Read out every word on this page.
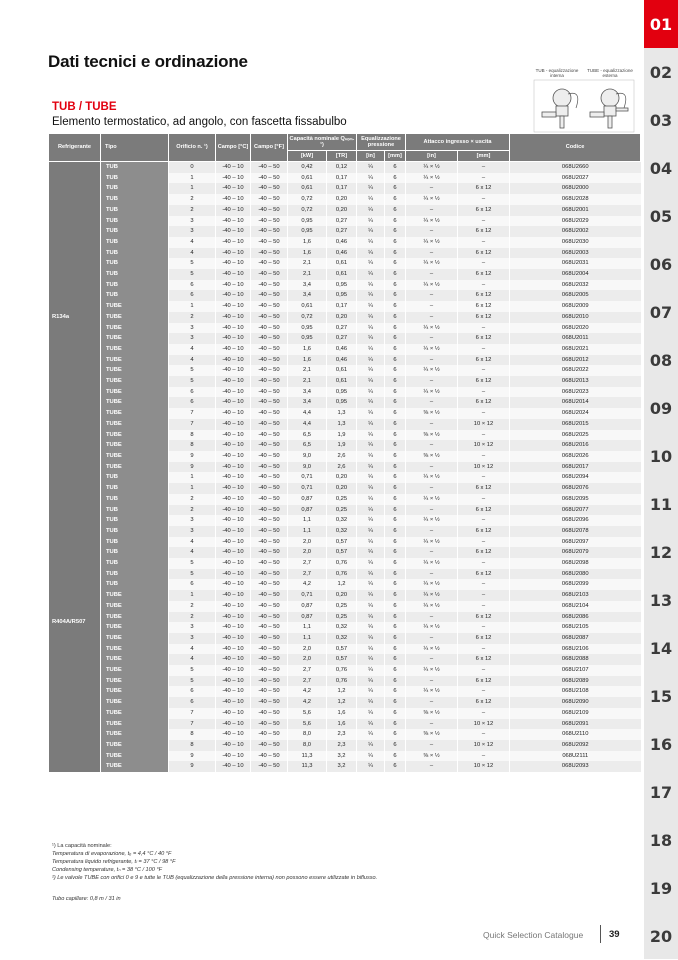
01
02
03
04
05
06
07
08
09
10
11
12
13
14
15
16
17
18
19
20
Dati tecnici e ordinazione
TUB / TUBE
Elemento termostatico, ad angolo, con fascetta fissabulbo
TUB - equalizzazione interna
TUBE - equalizzazione esterna
Refrigerante	Tipo	Orificio n. ¹)	Campo [°C]	Campo [°F]	Capacità nominale Qₙₒₘ. ¹)		Equalizzazione pressione		Attacco ingresso × uscita		Codice
					[kW]	[TR]	[in]	[mm]	[in]	[mm]	
R134a	TUB	0	-40 – 10	-40 – 50	0,42	0,12	¼	6	¼ × ½	–	068U2660
	TUB	1	-40 – 10	-40 – 50	0,61	0,17	¼	6	¼ × ½	–	068U2027
	TUB	1	-40 – 10	-40 – 50	0,61	0,17	¼	6	–	6 x 12	068U2000
	TUB	2	-40 – 10	-40 – 50	0,72	0,20	¼	6	¼ × ½	–	068U2028
	TUB	2	-40 – 10	-40 – 50	0,72	0,20	¼	6	–	6 x 12	068U2001
	TUB	3	-40 – 10	-40 – 50	0,95	0,27	¼	6	¼ × ½	–	068U2029
	TUB	3	-40 – 10	-40 – 50	0,95	0,27	¼	6	–	6 x 12	068U2002
	TUB	4	-40 – 10	-40 – 50	1,6	0,46	¼	6	¼ × ½	–	068U2030
	TUB	4	-40 – 10	-40 – 50	1,6	0,46	¼	6	–	6 x 12	068U2003
	TUB	5	-40 – 10	-40 – 50	2,1	0,61	¼	6	¼ × ½	–	068U2031
	TUB	5	-40 – 10	-40 – 50	2,1	0,61	¼	6	–	6 x 12	068U2004
	TUB	6	-40 – 10	-40 – 50	3,4	0,95	¼	6	¼ × ½	–	068U2032
	TUB	6	-40 – 10	-40 – 50	3,4	0,95	¼	6	–	6 x 12	068U2005
	TUBE	1	-40 – 10	-40 – 50	0,61	0,17	¼	6	–	6 x 12	068U2009
	TUBE	2	-40 – 10	-40 – 50	0,72	0,20	¼	6	–	6 x 12	068U2010
	TUBE	3	-40 – 10	-40 – 50	0,95	0,27	¼	6	¼ × ½	–	068U2020
	TUBE	3	-40 – 10	-40 – 50	0,95	0,27	¼	6	–	6 x 12	068U2011
	TUBE	4	-40 – 10	-40 – 50	1,6	0,46	¼	6	¼ × ½	–	068U2021
	TUBE	4	-40 – 10	-40 – 50	1,6	0,46	¼	6	–	6 x 12	068U2012
	TUBE	5	-40 – 10	-40 – 50	2,1	0,61	¼	6	¼ × ½	–	068U2022
	TUBE	5	-40 – 10	-40 – 50	2,1	0,61	¼	6	–	6 x 12	068U2013
	TUBE	6	-40 – 10	-40 – 50	3,4	0,95	¼	6	¼ × ½	–	068U2023
	TUBE	6	-40 – 10	-40 – 50	3,4	0,95	¼	6	–	6 x 12	068U2014
	TUBE	7	-40 – 10	-40 – 50	4,4	1,3	¼	6	⅜ × ½	–	068U2024
	TUBE	7	-40 – 10	-40 – 50	4,4	1,3	¼	6	–	10 × 12	068U2015
	TUBE	8	-40 – 10	-40 – 50	6,5	1,9	¼	6	⅜ × ½	–	068U2025
	TUBE	8	-40 – 10	-40 – 50	6,5	1,9	¼	6	–	10 × 12	068U2016
	TUBE	9	-40 – 10	-40 – 50	9,0	2,6	¼	6	⅜ × ½	–	068U2026
	TUBE	9	-40 – 10	-40 – 50	9,0	2,6	¼	6	–	10 × 12	068U2017
R404A/R507	TUB	1	-40 – 10	-40 – 50	0,71	0,20	¼	6	¼ × ½	–	068U2094
	TUB	1	-40 – 10	-40 – 50	0,71	0,20	¼	6	–	6 x 12	068U2076
	TUB	2	-40 – 10	-40 – 50	0,87	0,25	¼	6	¼ × ½	–	068U2095
	TUB	2	-40 – 10	-40 – 50	0,87	0,25	¼	6	–	6 x 12	068U2077
	TUB	3	-40 – 10	-40 – 50	1,1	0,32	¼	6	¼ × ½	–	068U2096
	TUB	3	-40 – 10	-40 – 50	1,1	0,32	¼	6	–	6 x 12	068U2078
	TUB	4	-40 – 10	-40 – 50	2,0	0,57	¼	6	¼ × ½	–	068U2097
	TUB	4	-40 – 10	-40 – 50	2,0	0,57	¼	6	–	6 x 12	068U2079
	TUB	5	-40 – 10	-40 – 50	2,7	0,76	¼	6	¼ × ½	–	068U2098
	TUB	5	-40 – 10	-40 – 50	2,7	0,76	¼	6	–	6 x 12	068U2080
	TUB	6	-40 – 10	-40 – 50	4,2	1,2	¼	6	¼ × ½	–	068U2099
	TUBE	1	-40 – 10	-40 – 50	0,71	0,20	¼	6	¼ × ½	–	068U2103
	TUBE	2	-40 – 10	-40 – 50	0,87	0,25	¼	6	¼ × ½	–	068U2104
	TUBE	2	-40 – 10	-40 – 50	0,87	0,25	¼	6	–	6 x 12	068U2086
	TUBE	3	-40 – 10	-40 – 50	1,1	0,32	¼	6	¼ × ½	–	068U2105
	TUBE	3	-40 – 10	-40 – 50	1,1	0,32	¼	6	–	6 x 12	068U2087
	TUBE	4	-40 – 10	-40 – 50	2,0	0,57	¼	6	¼ × ½	–	068U2106
	TUBE	4	-40 – 10	-40 – 50	2,0	0,57	¼	6	–	6 x 12	068U2088
	TUBE	5	-40 – 10	-40 – 50	2,7	0,76	¼	6	¼ × ½	–	068U2107
	TUBE	5	-40 – 10	-40 – 50	2,7	0,76	¼	6	–	6 x 12	068U2089
	TUBE	6	-40 – 10	-40 – 50	4,2	1,2	¼	6	¼ × ½	–	068U2108
	TUBE	6	-40 – 10	-40 – 50	4,2	1,2	¼	6	–	6 x 12	068U2090
	TUBE	7	-40 – 10	-40 – 50	5,6	1,6	¼	6	⅜ × ½	–	068U2109
	TUBE	7	-40 – 10	-40 – 50	5,6	1,6	¼	6	–	10 × 12	068U2091
	TUBE	8	-40 – 10	-40 – 50	8,0	2,3	¼	6	⅜ × ½	–	068U2110
	TUBE	8	-40 – 10	-40 – 50	8,0	2,3	¼	6	–	10 × 12	068U2092
	TUBE	9	-40 – 10	-40 – 50	11,3	3,2	¼	6	⅜ × ½	–	068U2111
	TUBE	9	-40 – 10	-40 – 50	11,3	3,2	¼	6	–	10 × 12	068U2093
¹) La capacità nominale:
Temperatura di evaporazione, tₑ = 4,4 °C / 40 °F
Temperatura liquido refrigerante, tₗ = 37 °C / 98 °F
Condensing temperature, tₙ = 38 °C / 100 °F
²) Le valvole TUBE con orifici 0 e 9 e tutte le TUB (equalizzazione della pressione interna) non possono essere utilizzate in biflusso.
Tubo capillare: 0,8 m / 31 in
Quick Selection Catalogue	39
